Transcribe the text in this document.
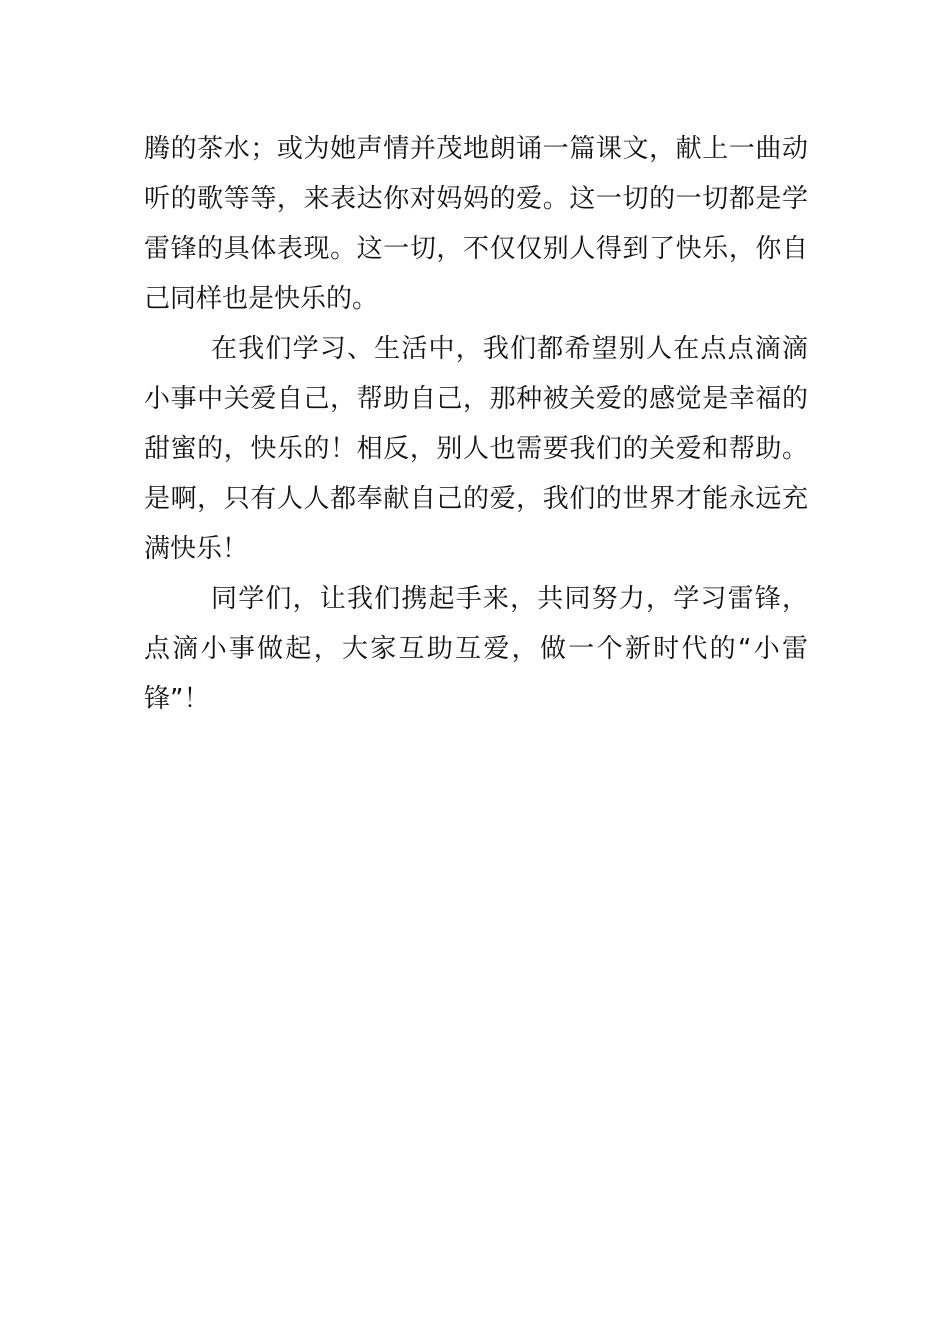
腾的茶水；或为她声情并茂地朗诵一篇课文，献上一曲动
听的歌等等，来表达你对妈妈的爱。这一切的一切都是学
雷锋的具体表现。这一切，不仅仅别人得到了快乐，你自
己同样也是快乐的。
在我们学习、生活中，我们都希望别人在点点滴滴
小事中关爱自己，帮助自己，那种被关爱的感觉是幸福的
甜蜜的，快乐的！相反，别人也需要我们的关爱和帮助。
是啊，只有人人都奉献自己的爱，我们的世界才能永远充
满快乐！
同学们，让我们携起手来，共同努力，学习雷锋，
点滴小事做起，大家互助互爱，做一个新时代的“小雷
锋”！
